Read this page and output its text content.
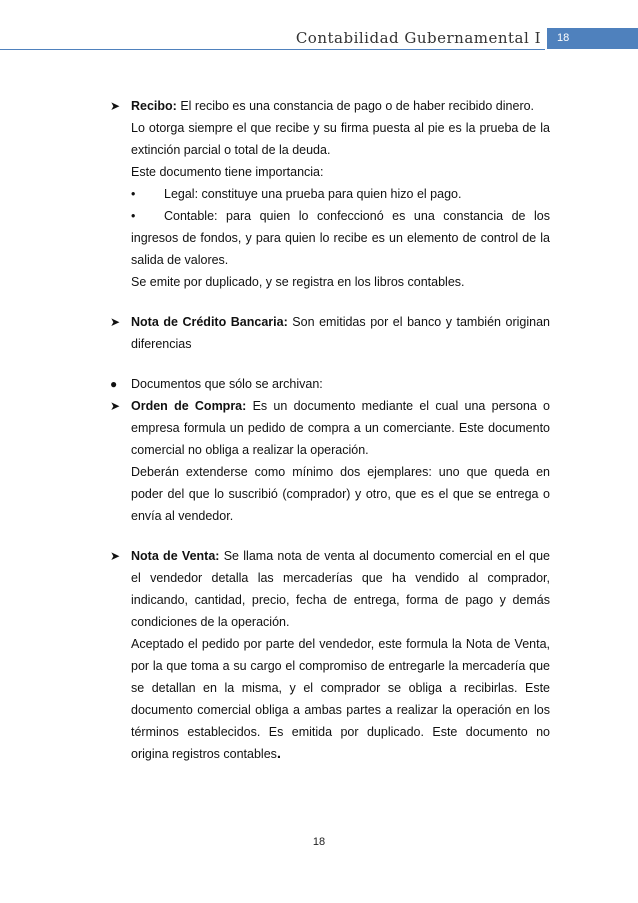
Contabilidad Gubernamental I	18
➤ Recibo: El recibo es una constancia de pago o de haber recibido dinero.

Lo otorga siempre el que recibe y su firma puesta al pie es la prueba de la extinción parcial o total de la deuda.

Este documento tiene importancia:

• Legal: constituye una prueba para quien hizo el pago.
• Contable: para quien lo confeccionó es una constancia de los ingresos de fondos, y para quien lo recibe es un elemento de control de la salida de valores.

Se emite por duplicado, y se registra en los libros contables.

➤ Nota de Crédito Bancaria: Son emitidas por el banco y también originan diferencias
●	Documentos que sólo se archivan:
➤ Orden de Compra: Es un documento mediante el cual una persona o empresa formula un pedido de compra a un comerciante. Este documento comercial no obliga a realizar la operación.

Deberán extenderse como mínimo dos ejemplares: uno que queda en poder del que lo suscribió (comprador) y otro, que es el que se entrega o envía al vendedor.

➤ Nota de Venta: Se llama nota de venta al documento comercial en el que el vendedor detalla las mercaderías que ha vendido al comprador, indicando, cantidad, precio, fecha de entrega, forma de pago y demás condiciones de la operación.

Aceptado el pedido por parte del vendedor, este formula la Nota de Venta, por la que toma a su cargo el compromiso de entregarle la mercadería que se detallan en la misma, y el comprador se obliga a recibirlas. Este documento comercial obliga a ambas partes a realizar la operación en los términos establecidos. Es emitida por duplicado. Este documento no origina registros contables.

18
